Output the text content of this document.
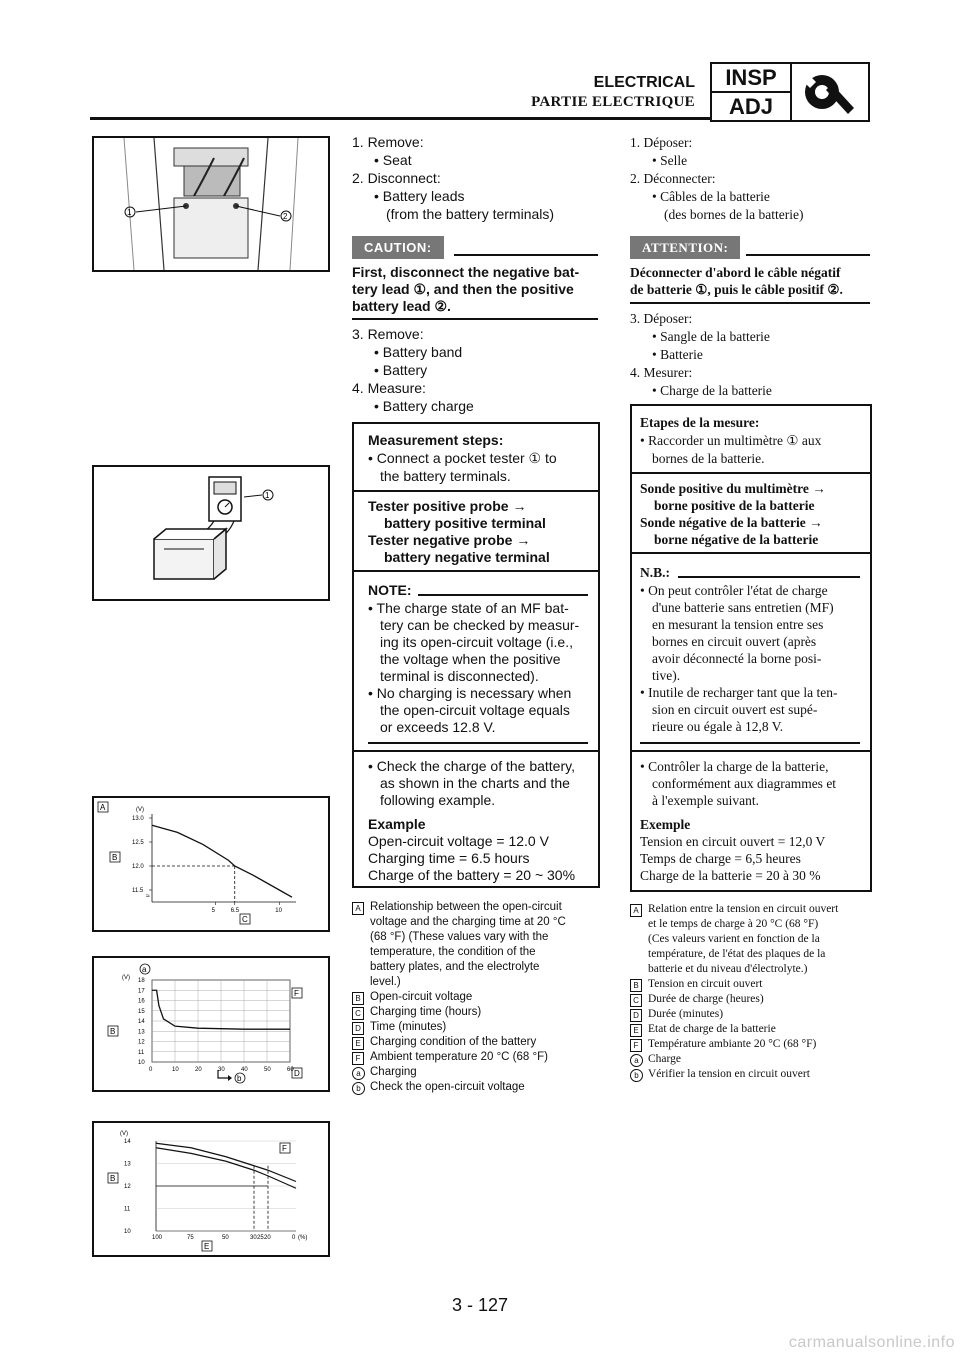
ELECTRICAL
PARTIE ELECTRIQUE
INSP
ADJ
1	2
1
A
B
(V)
13.0
12.5
12.0
11.5
≈
5	6.5	10
C
(V)
a
B
F
D
18
17
16
15
14
13
12
11
10
0	10	20	30	40	50	60
b
(V)
B
F
E
14
13
12
11
10
100	75	50	30 25 20	0 (%)
1. Remove:
• Seat
2. Disconnect:
• Battery leads
(from the battery terminals)
CAUTION:
First, disconnect the negative bat-
tery lead ①, and then the positive
battery lead ②.
3. Remove:
• Battery band
• Battery
4. Measure:
• Battery charge
Measurement steps:
• Connect a pocket tester ① to
the battery terminals.
Tester positive probe →
battery positive terminal
Tester negative probe →
battery negative terminal
NOTE:
• The charge state of an MF bat-
tery can be checked by measur-
ing its open-circuit voltage (i.e.,
the voltage when the positive
terminal is disconnected).
• No charging is necessary when
the open-circuit voltage equals
or exceeds 12.8 V.
• Check the charge of the battery,
as shown in the charts and the
following example.
Example
Open-circuit voltage = 12.0 V
Charging time = 6.5 hours
Charge of the battery = 20 ~ 30%
A Relationship between the open-circuit
voltage and the charging time at 20 °C
(68 °F) (These values vary with the
temperature, the condition of the
battery plates, and the electrolyte
level.)
B Open-circuit voltage
C Charging time (hours)
D Time (minutes)
E Charging condition of the battery
F Ambient temperature 20 °C (68 °F)
a Charging
b Check the open-circuit voltage
1. Déposer:
• Selle
2. Déconnecter:
• Câbles de la batterie
(des bornes de la batterie)
ATTENTION:
Déconnecter d'abord le câble négatif
de batterie ①, puis le câble positif ②.
3. Déposer:
• Sangle de la batterie
• Batterie
4. Mesurer:
• Charge de la batterie
Etapes de la mesure:
• Raccorder un multimètre ① aux
bornes de la batterie.
Sonde positive du multimètre →
borne positive de la batterie
Sonde négative de la batterie →
borne négative de la batterie
N.B.:
• On peut contrôler l'état de charge
d'une batterie sans entretien (MF)
en mesurant la tension entre ses
bornes en circuit ouvert (après
avoir déconnecté la borne posi-
tive).
• Inutile de recharger tant que la ten-
sion en circuit ouvert est supé-
rieure ou égale à 12,8 V.
• Contrôler la charge de la batterie,
conformément aux diagrammes et
à l'exemple suivant.
Exemple
Tension en circuit ouvert = 12,0 V
Temps de charge = 6,5 heures
Charge de la batterie = 20 à 30 %
A Relation entre la tension en circuit ouvert
et le temps de charge à 20 °C (68 °F)
(Ces valeurs varient en fonction de la
température, de l'état des plaques de la
batterie et du niveau d'électrolyte.)
B Tension en circuit ouvert
C Durée de charge (heures)
D Durée (minutes)
E Etat de charge de la batterie
F Température ambiante 20 °C (68 °F)
a Charge
b Vérifier la tension en circuit ouvert
3 - 127
carmanualsonline.info
